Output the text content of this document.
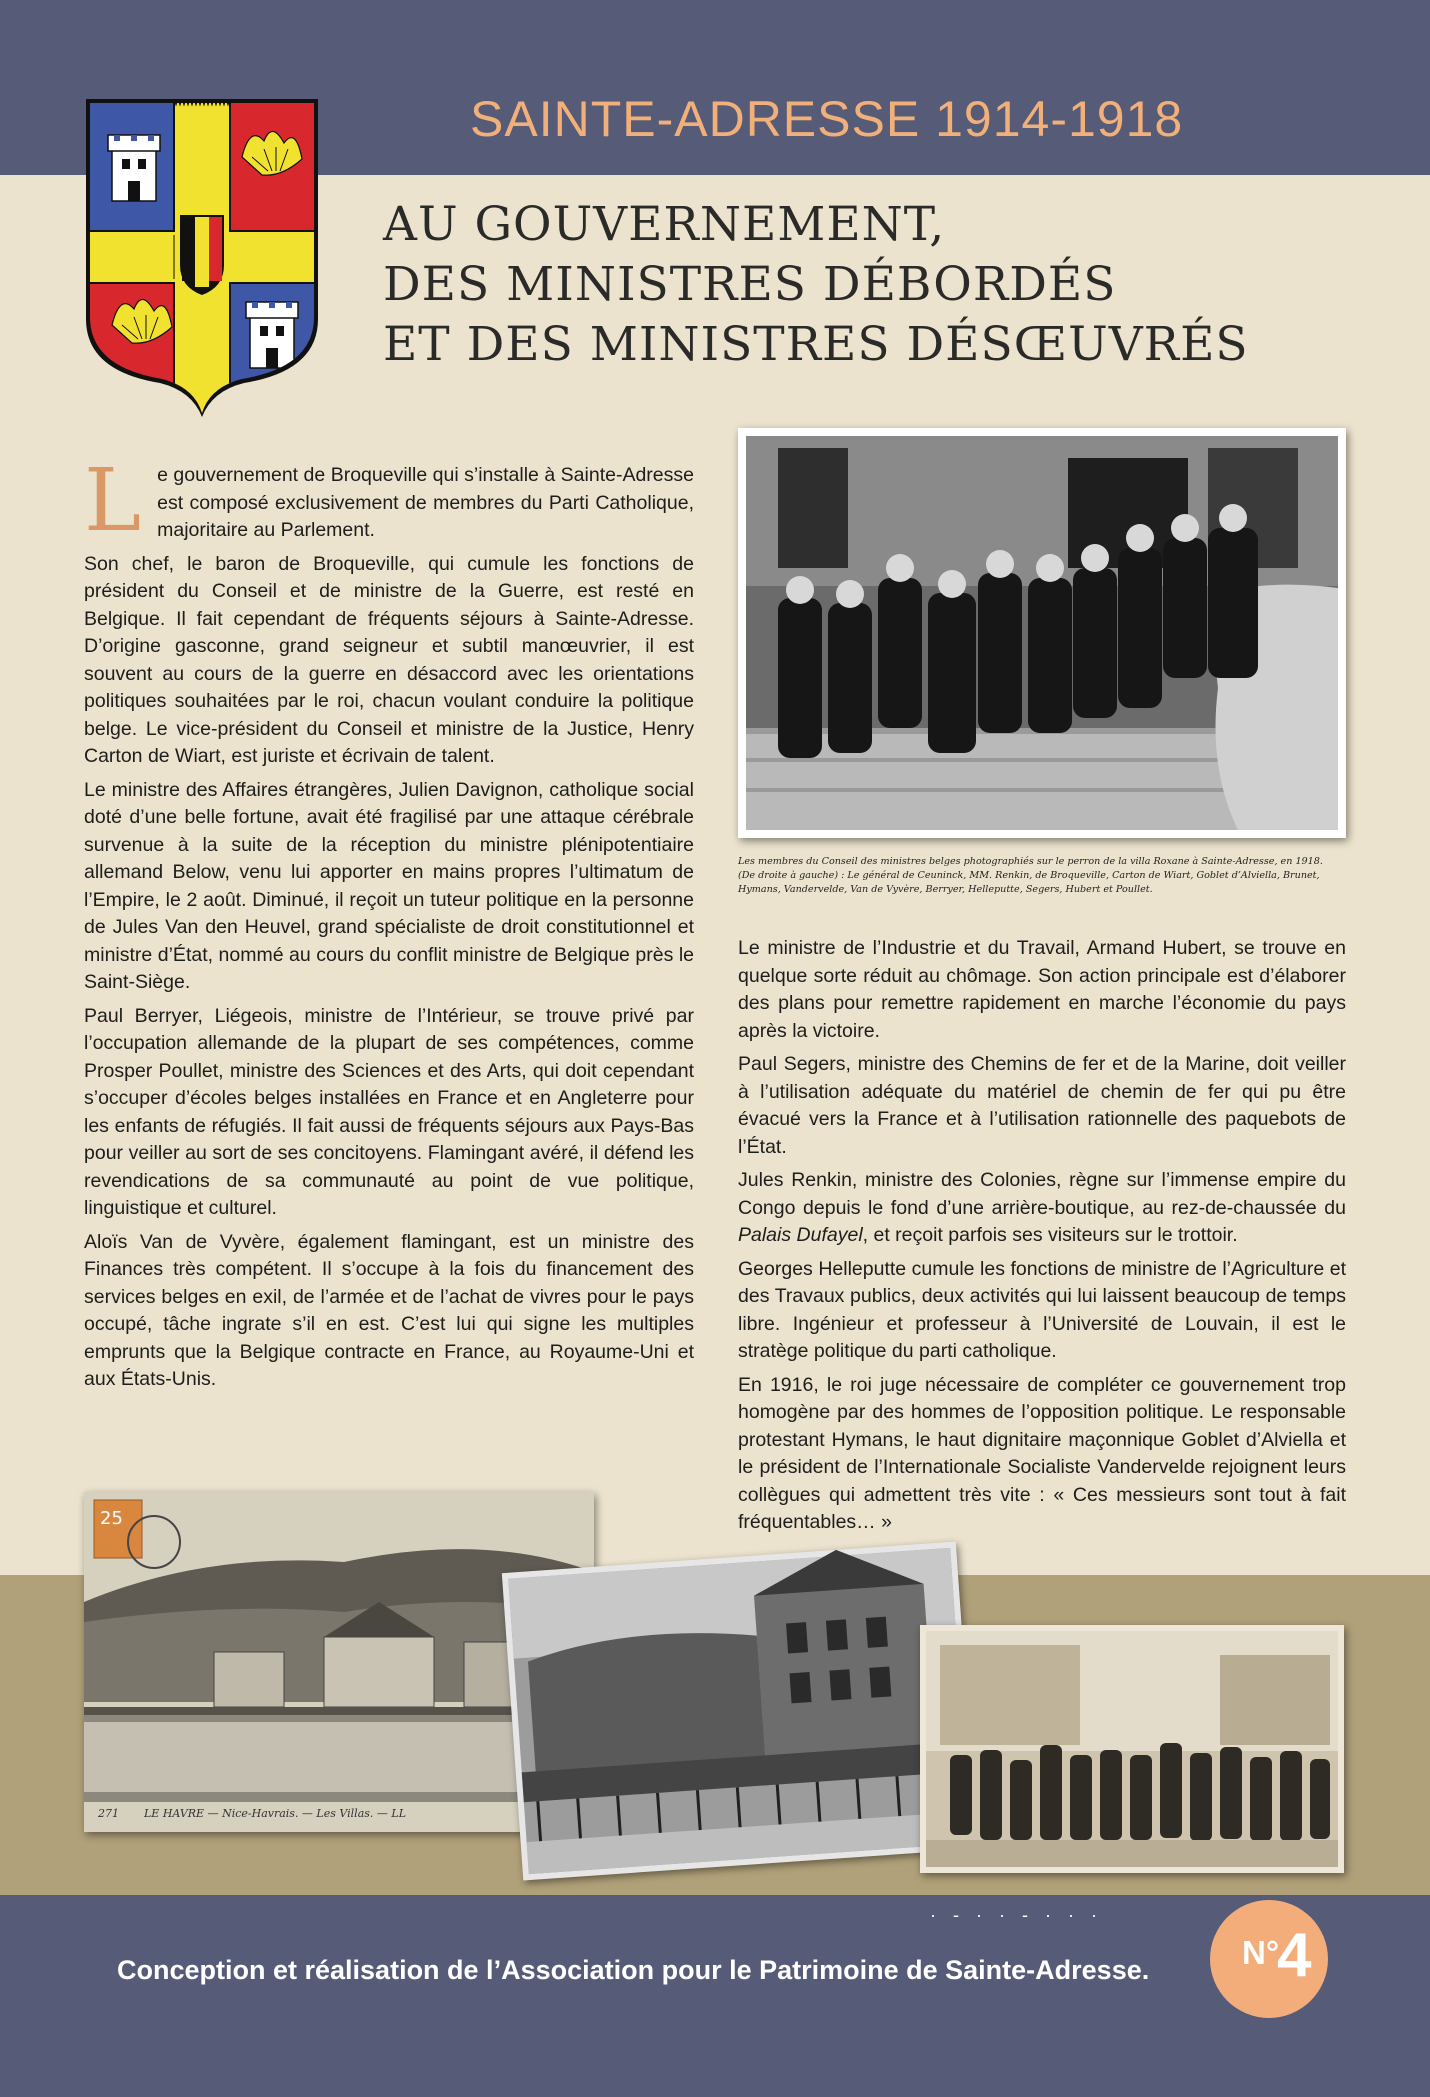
SAINTE-ADRESSE 1914-1918
AU GOUVERNEMENT,
DES MINISTRES DÉBORDÉS
ET DES MINISTRES DÉSŒUVRÉS

Le gouvernement de Broqueville qui s’installe à Sainte-Adresse est composé exclusivement de membres du Parti Catholique, majoritaire au Parlement.

Son chef, le baron de Broqueville, qui cumule les fonctions de président du Conseil et de ministre de la Guerre, est resté en Belgique. Il fait cependant de fréquents séjours à Sainte-Adresse. D’origine gasconne, grand seigneur et subtil manœuvrier, il est souvent au cours de la guerre en désaccord avec les orientations politiques souhaitées par le roi, chacun voulant conduire la politique belge. Le vice-président du Conseil et ministre de la Justice, Henry Carton de Wiart, est juriste et écrivain de talent.

Le ministre des Affaires étrangères, Julien Davignon, catholique social doté d’une belle fortune, avait été fragilisé par une attaque cérébrale survenue à la suite de la réception du ministre plénipotentiaire allemand Below, venu lui apporter en mains propres l’ultimatum de l’Empire, le 2 août. Diminué, il reçoit un tuteur politique en la personne de Jules Van den Heuvel, grand spécialiste de droit constitutionnel et ministre d’État, nommé au cours du conflit ministre de Belgique près le Saint-Siège.

Paul Berryer, Liégeois, ministre de l’Intérieur, se trouve privé par l’occupation allemande de la plupart de ses compétences, comme Prosper Poullet, ministre des Sciences et des Arts, qui doit cependant s’occuper d’écoles belges installées en France et en Angleterre pour les enfants de réfugiés. Il fait aussi de fréquents séjours aux Pays-Bas pour veiller au sort de ses concitoyens. Flamingant avéré, il défend les revendications de sa communauté au point de vue politique, linguistique et culturel.

Aloïs Van de Vyvère, également flamingant, est un ministre des Finances très compétent. Il s’occupe à la fois du financement des services belges en exil, de l’armée et de l’achat de vivres pour le pays occupé, tâche ingrate s’il en est. C’est lui qui signe les multiples emprunts que la Belgique contracte en France, au Royaume-Uni et aux États-Unis.

Les membres du Conseil des ministres belges photographiés sur le perron de la villa Roxane à Sainte-Adresse, en 1918.
(De droite à gauche) : Le général de Ceuninck, MM. Renkin, de Broqueville, Carton de Wiart, Goblet d’Alviella, Brunet, Hymans, Vandervelde, Van de Vyvère, Berryer, Helleputte, Segers, Hubert et Poullet.

Le ministre de l’Industrie et du Travail, Armand Hubert, se trouve en quelque sorte réduit au chômage. Son action principale est d’élaborer des plans pour remettre rapidement en marche l’économie du pays après la victoire.

Paul Segers, ministre des Chemins de fer et de la Marine, doit veiller à l’utilisation adéquate du matériel de chemin de fer qui pu être évacué vers la France et à l’utilisation rationnelle des paquebots de l’État.

Jules Renkin, ministre des Colonies, règne sur l’immense empire du Congo depuis le fond d’une arrière-boutique, au rez-de-chaussée du Palais Dufayel, et reçoit parfois ses visiteurs sur le trottoir.

Georges Helleputte cumule les fonctions de ministre de l’Agriculture et des Travaux publics, deux activités qui lui laissent beaucoup de temps libre. Ingénieur et professeur à l’Université de Louvain, il est le stratège politique du parti catholique.

En 1916, le roi juge nécessaire de compléter ce gouvernement trop homogène par des hommes de l’opposition politique. Le responsable protestant Hymans, le haut dignitaire maçonnique Goblet d’Alviella et le président de l’Internationale Socialiste Vandervelde rejoignent leurs collègues qui admettent très vite : « Ces messieurs sont tout à fait fréquentables… »

25
271 LE HAVRE — Nice-Havrais. — Les Villas. — LL
· - · · - · · ·
Conception et réalisation de l’Association pour le Patrimoine de Sainte-Adresse.	N°
4
